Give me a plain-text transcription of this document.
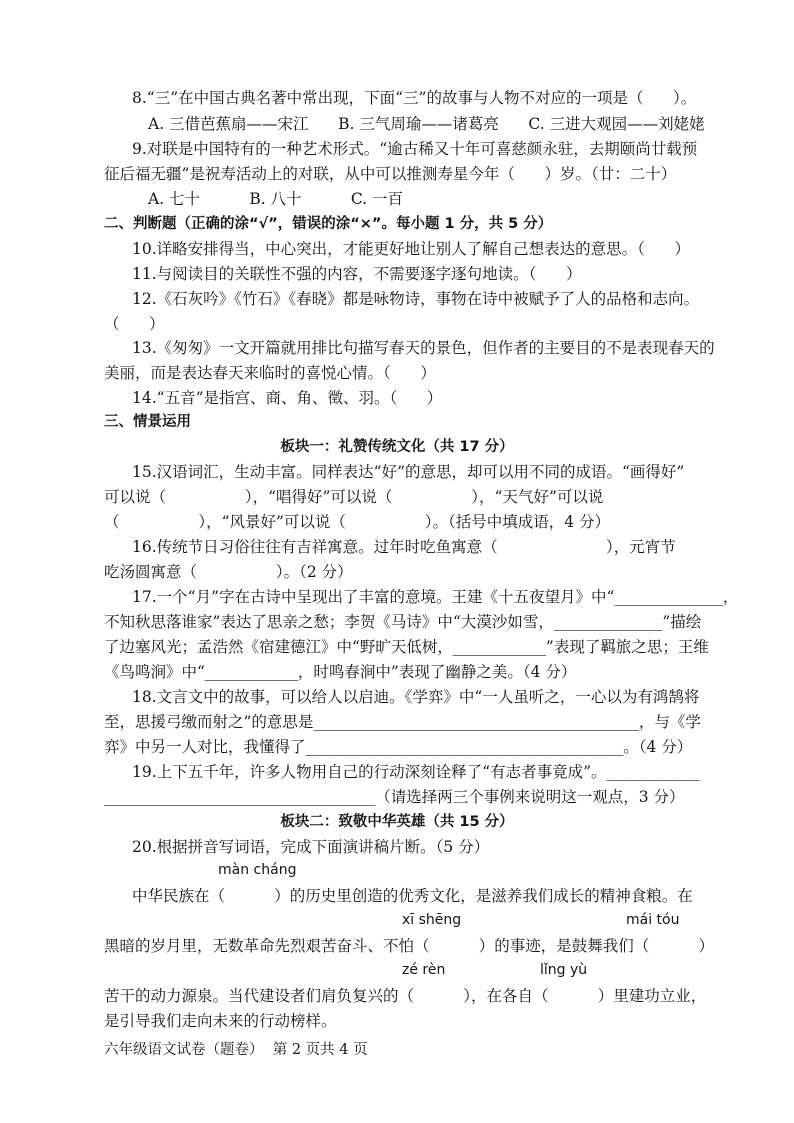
8.“三”在中国古典名著中常出现，下面“三”的故事与人物不对应的一项是（      ）。
A. 三借芭蕉扇——宋江      B. 三气周瑜——诸葛亮      C. 三进大观园——刘姥姥
9.对联是中国特有的一种艺术形式。“逾古稀又十年可喜慈颜永驻，去期颐尚廿载预
征后福无疆”是祝寿活动上的对联，从中可以推测寿星今年（      ）岁。（廿：二十）
A. 七十          B. 八十          C. 一百
二、判断题（正确的涂“√”，错误的涂“×”。每小题 1 分，共 5 分）
10.详略安排得当，中心突出，才能更好地让别人了解自己想表达的意思。（      ）
11.与阅读目的关联性不强的内容，不需要逐字逐句地读。（      ）
12.《石灰吟》《竹石》《春晓》都是咏物诗，事物在诗中被赋予了人的品格和志向。
（      ）
13.《匆匆》一文开篇就用排比句描写春天的景色，但作者的主要目的不是表现春天的
美丽，而是表达春天来临时的喜悦心情。（      ）
14.“五音”是指宫、商、角、徵、羽。（      ）
三、情景运用
板块一：礼赞传统文化（共 17 分）
15.汉语词汇，生动丰富。同样表达“好”的意思，却可以用不同的成语。“画得好”
可以说（                ），“唱得好”可以说（                ），“天气好”可以说
（                ），“风景好”可以说（                ）。（括号中填成语，4 分）
16.传统节日习俗往往有吉祥寓意。过年时吃鱼寓意（                      ），元宵节
吃汤圆寓意（                ）。（2 分）
17.一个“月”字在古诗中呈现出了丰富的意境。王建《十五夜望月》中“______________，
不知秋思落谁家”表达了思亲之愁；李贺《马诗》中“大漠沙如雪，______________”描绘
了边塞风光；孟浩然《宿建德江》中“野旷天低树，____________”表现了羁旅之思；王维
《鸟鸣涧》中“____________，时鸣春涧中”表现了幽静之美。（4 分）
18.文言文中的故事，可以给人以启迪。《学弈》中“一人虽听之，一心以为有鸿鹄将
至，思援弓缴而射之”的意思是__________________________________________，与《学
弈》中另一人对比，我懂得了_________________________________________。（4 分）
19.上下五千年，许多人物用自己的行动深刻诠释了“有志者事竟成”。____________
___________________________________（请选择两三个事例来说明这一观点，3 分）
板块二：致敬中华英雄（共 15 分）
20.根据拼音写词语，完成下面演讲稿片断。（5 分）
màn cháng
中华民族在（          ）的历史里创造的优秀文化，是滋养我们成长的精神食粮。在
xī shēng	mái tóu
黑暗的岁月里，无数革命先烈艰苦奋斗、不怕（          ）的事迹，是鼓舞我们（          ）
zé rèn	lǐng yù
苦干的动力源泉。当代建设者们肩负复兴的（          ），在各自（          ）里建功立业，
是引导我们走向未来的行动榜样。
六年级语文试卷（题卷）  第 2 页共 4 页
